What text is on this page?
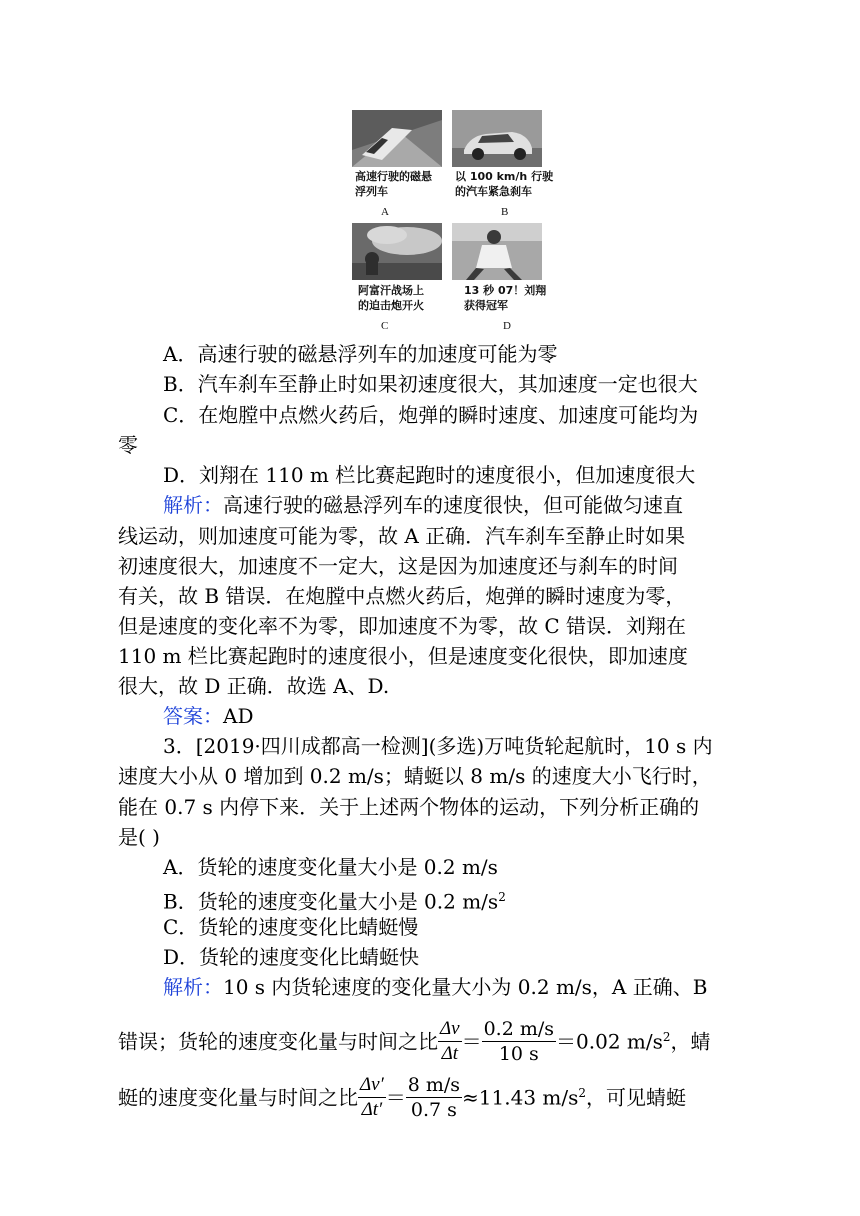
高速行驶的磁悬
浮列车
A
以 100 km/h 行驶
的汽车紧急刹车
B
阿富汗战场上
的迫击炮开火
C
13 秒 07！刘翔
获得冠军
D
A．高速行驶的磁悬浮列车的加速度可能为零
B．汽车刹车至静止时如果初速度很大，其加速度一定也很大
C．在炮膛中点燃火药后，炮弹的瞬时速度、加速度可能均为
零
D．刘翔在 110 m 栏比赛起跑时的速度很小，但加速度很大
解析：高速行驶的磁悬浮列车的速度很快，但可能做匀速直
线运动，则加速度可能为零，故 A 正确．汽车刹车至静止时如果
初速度很大，加速度不一定大，这是因为加速度还与刹车的时间
有关，故 B 错误．在炮膛中点燃火药后，炮弹的瞬时速度为零，
但是速度的变化率不为零，即加速度不为零，故 C 错误．刘翔在
110 m 栏比赛起跑时的速度很小，但是速度变化很快，即加速度
很大，故 D 正确．故选 A、D.
答案：AD
3．[2019·四川成都高一检测](多选)万吨货轮起航时，10 s 内
速度大小从 0 增加到 0.2 m/s；蜻蜓以 8 m/s 的速度大小飞行时，
能在 0.7 s 内停下来．关于上述两个物体的运动，下列分析正确的
是( )
A．货轮的速度变化量大小是 0.2 m/s
B．货轮的速度变化量大小是 0.2 $m/s^2$
C．货轮的速度变化比蜻蜓慢
D．货轮的速度变化比蜻蜓快
解析：10 s 内货轮速度的变化量大小为 0.2 m/s，A 正确、B
错误；货轮的速度变化量与时间之比 $\frac{\Delta v}{\Delta t} = \frac{0.2 m/s}{10 s} =0.02$ $m/s^2$，蜻
蜓的速度变化量与时间之比 $\frac{\Delta v'}{\Delta t'} = \frac{8 m/s}{0.7 s} \approx 11.43$ $m/s^2$，可见蜻蜓
